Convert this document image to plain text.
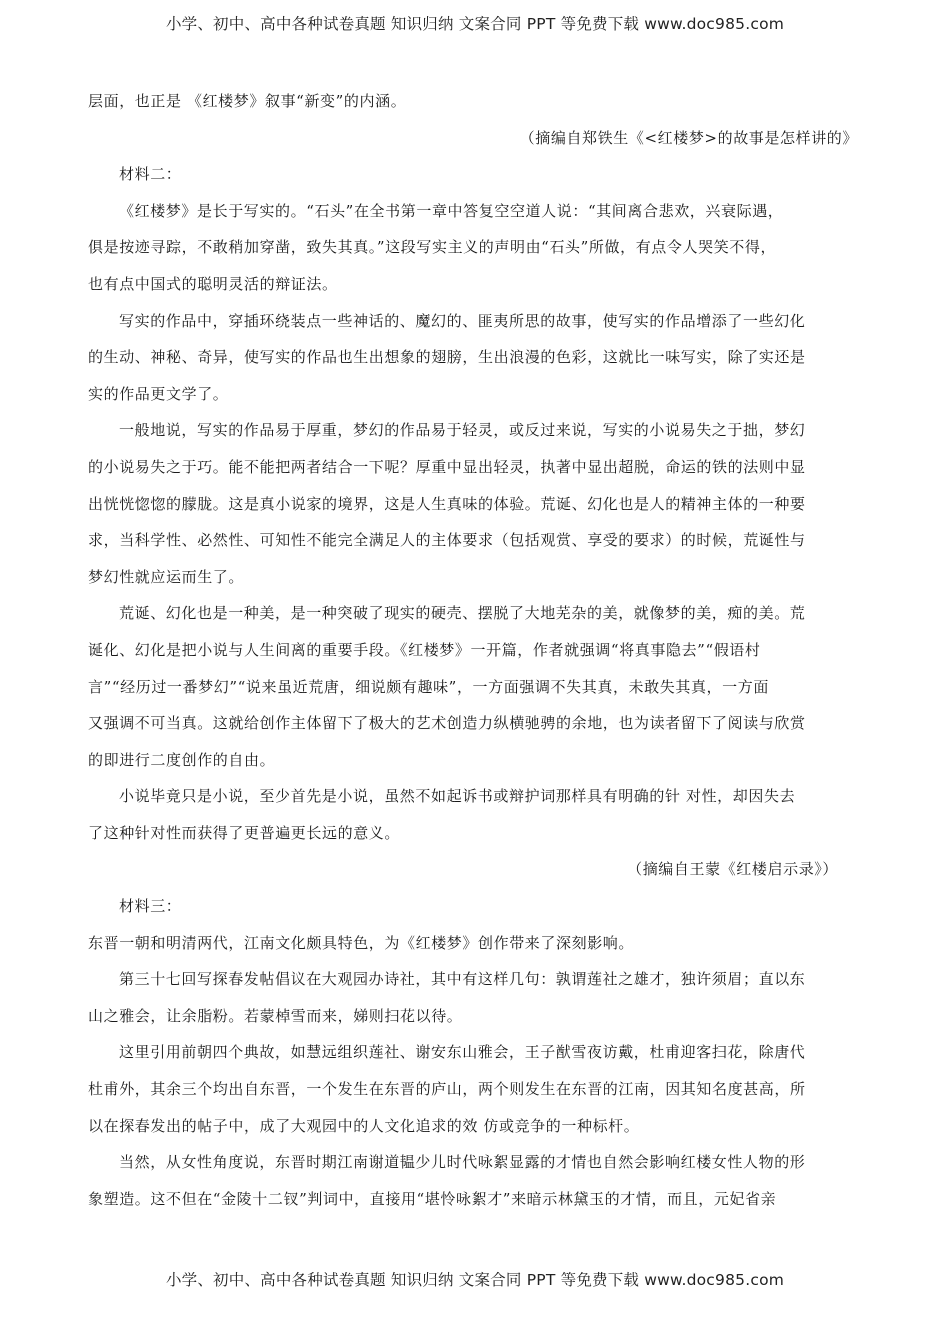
小学、初中、高中各种试卷真题 知识归纳 文案合同 PPT 等免费下载 www.doc985.com
层面，也正是 《红楼梦》叙事“新变”的内涵。
（摘编自郑铁生《<红楼梦>的故事是怎样讲的》
材料二：
《红楼梦》是长于写实的。“石头”在全书第一章中答复空空道人说：“其间离合悲欢，兴衰际遇，
俱是按迹寻踪，不敢稍加穿凿，致失其真。”这段写实主义的声明由“石头”所做，有点令人哭笑不得，
也有点中国式的聪明灵活的辩证法。
写实的作品中，穿插环绕装点一些神话的、魔幻的、匪夷所思的故事，使写实的作品增添了一些幻化
的生动、神秘、奇异，使写实的作品也生出想象的翅膀，生出浪漫的色彩，这就比一味写实，除了实还是
实的作品更文学了。
一般地说，写实的作品易于厚重，梦幻的作品易于轻灵，或反过来说，写实的小说易失之于拙，梦幻
的小说易失之于巧。能不能把两者结合一下呢？厚重中显出轻灵，执著中显出超脱，命运的铁的法则中显
出恍恍惚惚的朦胧。这是真小说家的境界，这是人生真味的体验。荒诞、幻化也是人的精神主体的一种要
求，当科学性、必然性、可知性不能完全满足人的主体要求（包括观赏、享受的要求）的时候，荒诞性与
梦幻性就应运而生了。
荒诞、幻化也是一种美，是一种突破了现实的硬壳、摆脱了大地芜杂的美，就像梦的美，痴的美。荒
诞化、幻化是把小说与人生间离的重要手段。《红楼梦》一开篇，作者就强调“将真事隐去”“假语村
言”“经历过一番梦幻”“说来虽近荒唐，细说颇有趣味”，一方面强调不失其真，未敢失其真，一方面
又强调不可当真。这就给创作主体留下了极大的艺术创造力纵横驰骋的余地，也为读者留下了阅读与欣赏
的即进行二度创作的自由。
小说毕竟只是小说，至少首先是小说，虽然不如起诉书或辩护词那样具有明确的针 对性，却因失去
了这种针对性而获得了更普遍更长远的意义。
（摘编自王蒙《红楼启示录》）
材料三：
东晋一朝和明清两代，江南文化颇具特色，为《红楼梦》创作带来了深刻影响。
第三十七回写探春发帖倡议在大观园办诗社，其中有这样几句：孰谓莲社之雄才，独许须眉；直以东
山之雅会，让余脂粉。若蒙棹雪而来，娣则扫花以待。
这里引用前朝四个典故，如慧远组织莲社、谢安东山雅会，王子猷雪夜访戴，杜甫迎客扫花，除唐代
杜甫外，其余三个均出自东晋，一个发生在东晋的庐山，两个则发生在东晋的江南，因其知名度甚高，所
以在探春发出的帖子中，成了大观园中的人文化追求的效 仿或竞争的一种标杆。
当然，从女性角度说，东晋时期江南谢道韫少儿时代咏絮显露的才情也自然会影响红楼女性人物的形
象塑造。这不但在“金陵十二钗”判词中，直接用“堪怜咏絮才”来暗示林黛玉的才情，而且，元妃省亲
小学、初中、高中各种试卷真题 知识归纳 文案合同 PPT 等免费下载 www.doc985.com
